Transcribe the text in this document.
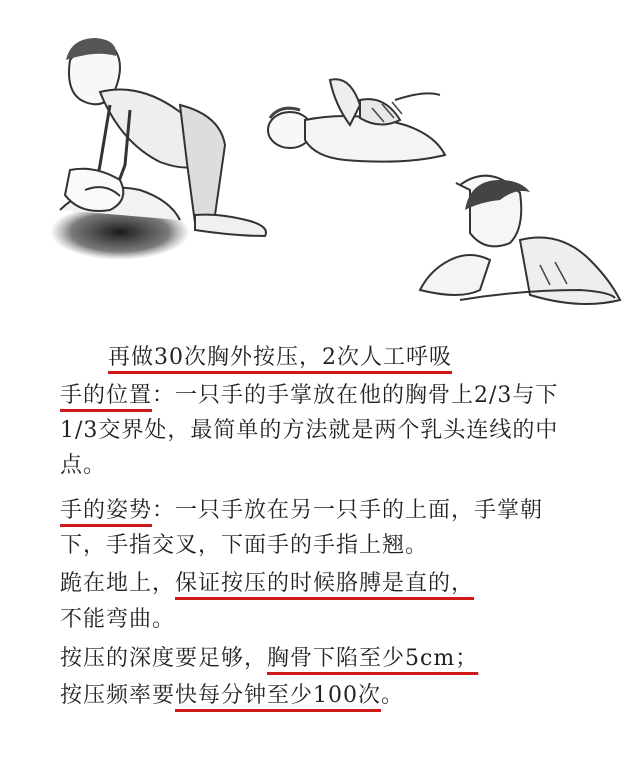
再做30次胸外按压，2次人工呼吸
手的位置：一只手的手掌放在他的胸骨上2/3与下
1/3交界处，最简单的方法就是两个乳头连线的中
点。
手的姿势：一只手放在另一只手的上面，手掌朝
下，手指交叉，下面手的手指上翘。
跪在地上，保证按压的时候胳膊是直的，
不能弯曲。
按压的深度要足够，胸骨下陷至少5cm；
按压频率要快每分钟至少100次。
